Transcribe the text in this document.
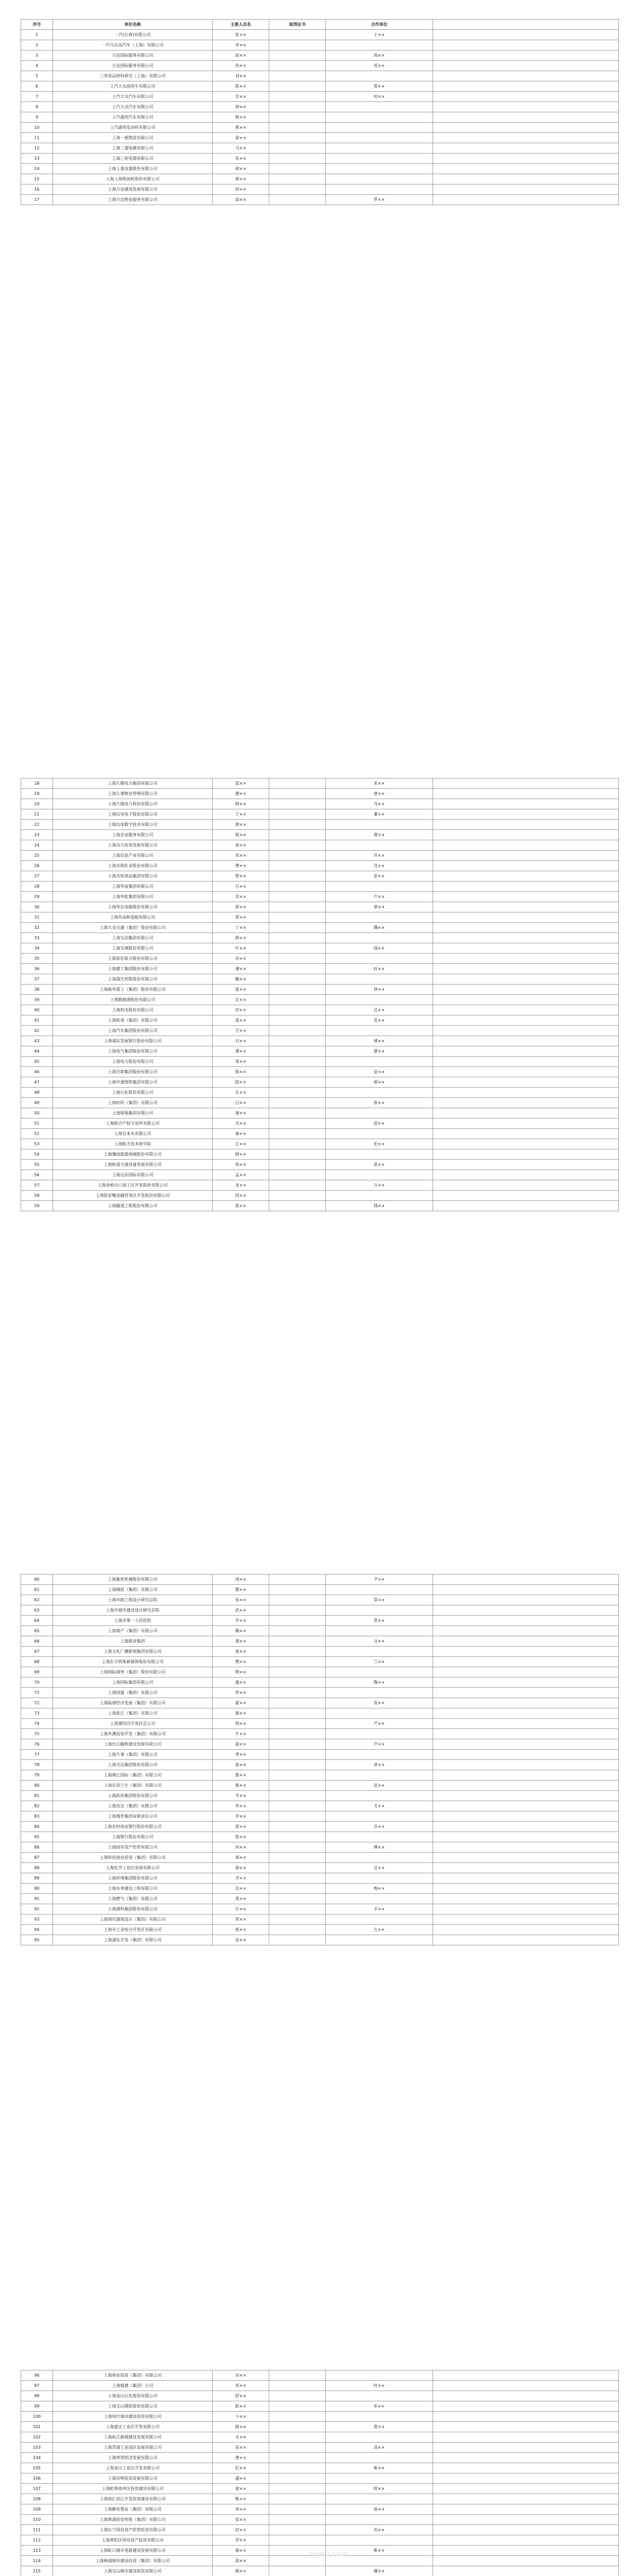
序号	单位名称	主要人员名	取得证书	合作单位	
1	一汽(长春)有限公司	张××		王××	
2	一汽马自达汽车（上海）有限公司	李××			
3	万达国际服务有限公司	赵××		周××	
4	万达国际服务有限公司	孙××		邓××	
5	三养食品材料研究（上海）有限公司	刘××			
6	上汽大众商用车有限公司	陈××		郑××	
7	上汽大众汽车有限公司	吴××		何××	
8	上汽大众汽车有限公司	林××			
9	上汽通用汽车有限公司	杨××			
10	上汽通用发动机有限公司	黄××			
11	上海一致物流有限公司	徐××			
12	上海三菱电梯有限公司	马××			
13	上海三恒电器有限公司	朱××			
14	上海上菱电器股份有限公司	胡××			
15	上海上海柴油机股份有限公司	郭××			
16	上海万达建设发展有限公司	何××			
17	上海万达物业服务有限公司	高××		罗××	
18	上海久隆电力集团有限公司	梁××		宋××	
19	上海久事物业管理有限公司	谢××		唐××	
20	上海久隆电力科技有限公司	韩××		冯××	
21	上海仪电电子股份有限公司	于××		董××	
22	上海仪电数字技术有限公司	萧××			
23	上海企业服务有限公司	程××		曹××	
24	上海众力投资发展有限公司	袁××			
25	上海信息产业有限公司	邓××		许××	
26	上海光明乳业股份有限公司	傅××		沈××	
27	上海光明食品集团有限公司	曾××		彭××	
28	上海华谊集团有限公司	吕××			
29	上海华虹集团有限公司	苏××		卢××	
30	上海华东电脑股份有限公司	蒋××		蔡××	
31	上海外高桥造船有限公司	贾××			
32	上海大众交通（集团）股份有限公司	丁××		魏××	
33	上海宝冶集团有限公司	薛××			
34	上海宝钢股份有限公司	叶××		阎××	
35	上海家化联合股份有限公司	余××			
36	上海建工集团股份有限公司	潘××		杜××	
37	上海强生控股股份有限公司	戴××			
38	上海振华重工（集团）股份有限公司	夏××		钟××	
39	上海数据港股份有限公司	汪××			
40	上海机电股份有限公司	田××		任××	
41	上海机场（集团）有限公司	姜××		范××	
42	上海汽车集团股份有限公司	方××			
43	上海浦东发展银行股份有限公司	石××		姚××	
44	上海电气集团股份有限公司	谭××		廖××	
45	上海电力股份有限公司	邹××			
46	上海百联集团股份有限公司	熊××		金××	
47	上海申通地铁集团有限公司	陆××		郝××	
48	上海石化股份有限公司	孔××			
49	上海纺织（集团）有限公司	白××		崔××	
50	上海绿地集团有限公司	康××			
51	上海联合产权交易所有限公司	毛××		邱××	
52	上海自来水有限公司	秦××			
53	上海航天技术研究院	江××		史××	
54	上海豫园旅游商城股份有限公司	顾××			
55	上海轨道交通设备发展有限公司	侯××		邵××	
56	上海远东国际有限公司	孟××			
57	上海金桥出口加工区开发股份有限公司	龙××		万××	
58	上海陆家嘴金融贸易区开发股份有限公司	段××			
59	上海隧道工程股份有限公司	雷××		钱××	
60	上海集优机械股份有限公司	汤××		尹××	
61	上海城投（集团）有限公司	黎××			
62	上海市政工程设计研究总院	易××		常××	
63	上海市城市建设设计研究总院	武××			
64	上海市第一人民医院	乔××		贺××	
65	上海地产（集团）有限公司	赖××			
66	上海报业集团	龚××		文××	
67	上海文化广播影视集团有限公司	庞××			
68	上海东方明珠新媒体股份有限公司	樊××		兰××	
69	上海国际港务（集团）股份有限公司	殷××			
70	上海国际集团有限公司	施××		陶××	
71	上海国盛（集团）有限公司	洪××			
72	上海临港经济发展（集团）有限公司	翟××		安××	
73	上海张江（集团）有限公司	颜××			
74	上海漕河泾开发区总公司	倪××		严××	
75	上海外滩投资开发（集团）有限公司	牛××			
76	上海长江隧桥建设发展有限公司	温××		芦××	
77	上海久事（集团）有限公司	季××			
78	上海交运集团股份有限公司	俞××		章××	
79	上海锦江国际（集团）有限公司	鲁××			
80	上海东浩兰生（集团）有限公司	葛××		伍××	
81	上海医药集团股份有限公司	韦××			
82	上海良友（集团）有限公司	申××		尤××	
83	上海烟草集团有限责任公司	毕××			
84	上海农村商业银行股份有限公司	聂××		丛××	
85	上海银行股份有限公司	焦××			
86	上海国有资产经营有限公司	向××		柳××	
87	上海科技创业投资（集团）有限公司	邢××			
88	上海化学工业区发展有限公司	骆××		岳××	
89	上海环境集团股份有限公司	齐××			
90	上海水务建设工程有限公司	沿××		梅××	
91	上海燃气（集团）有限公司	莫××			
92	上海建科集团股份有限公司	庄××		辛××	
93	上海现代建筑设计（集团）有限公司	管××			
94	上海市工业综合开发区有限公司	祝××		左××	
95	上海浦东开发（集团）有限公司	涂××			
96	上海商业投资（集团）有限公司	谷××			
97	上海城建（集团）公司	祁××		时××	
98	上海金山石化股份有限公司	舒××			
99	上海宝山钢铁股份有限公司	耿××		牟××	
100	上海闵行城市建设投资有限公司	卜××			
101	上海嘉定工业区开发有限公司	路××		詹××	
102	上海松江新城建设发展有限公司	关××			
103	上海青浦工业园区发展有限公司	苗××		凌××	
104	上海奉贤经济发展有限公司	费××			
105	上海金山工业区开发有限公司	纪××		靳××	
106	上海崇明投资发展有限公司	盛××			
107	上海虹桥商务区投资建设有限公司	童××		欧××	
108	上海徐汇滨江开发投资建设有限公司	甄××			
109	上海静安置业（集团）有限公司	项××		曲××	
110	上海黄浦投资控股（集团）有限公司	家××			
111	上海长宁国有资产经营投资有限公司	封××		芮××	
112	上海普陀区国有资产投资有限公司	羿××			
113	上海虹口城市更新建设发展有限公司	储××		靳××	
114	上海杨浦城市建设投资（集团）有限公司	汲××			
115	上海宝山城市建设投资有限公司	邴××		糜××	

www.0.docin
